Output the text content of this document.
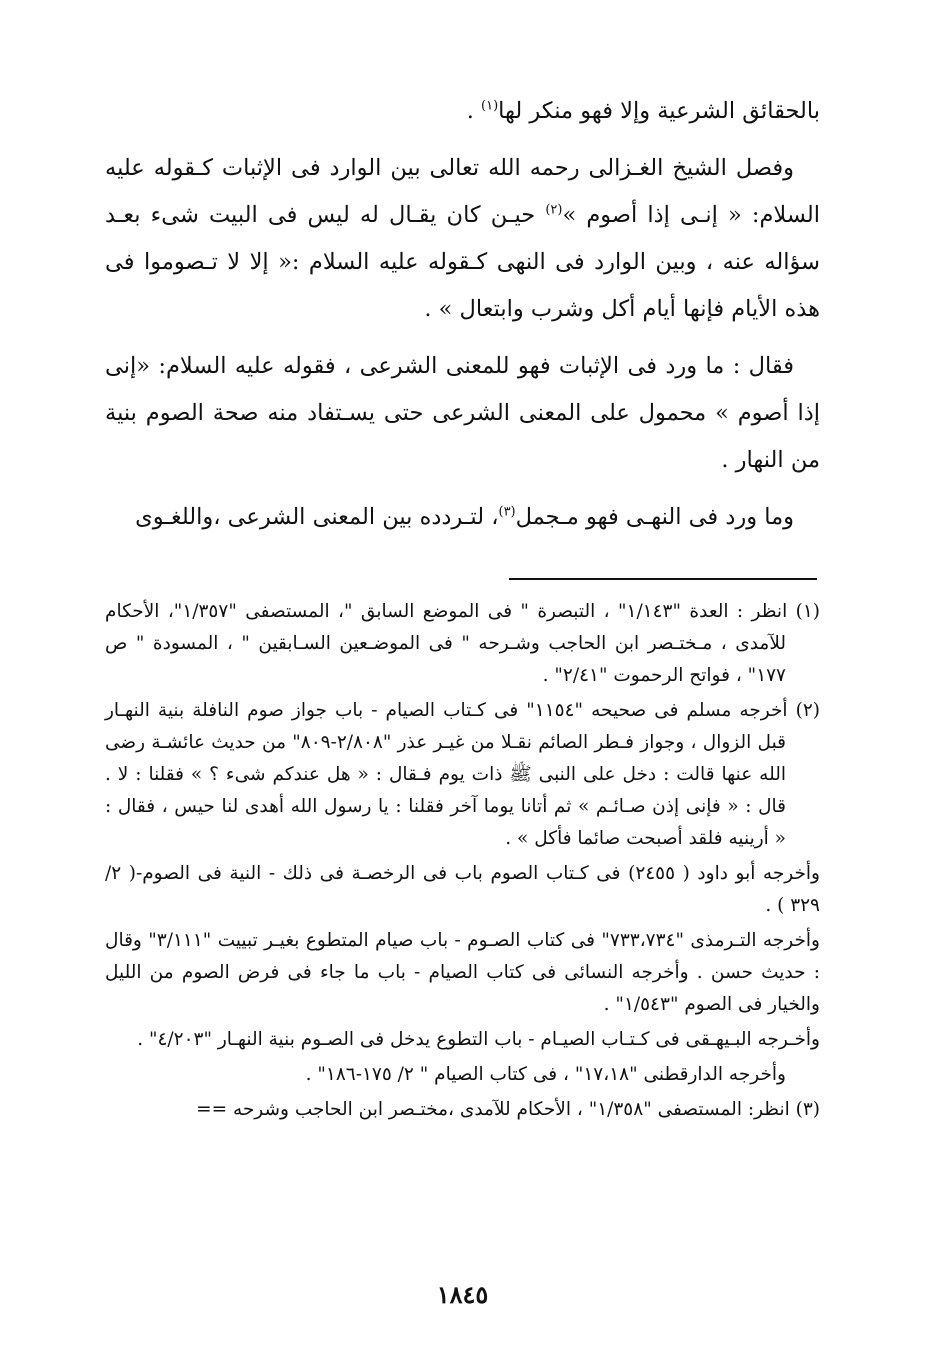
بالحقائق الشرعية وإلا فهو منكر لها$^{(١)}$ .

وفصل الشيخ الغـزالى رحمه الله تعالى بين الوارد فى الإثبات كـقوله عليه السلام: « إنـى إذا أصوم »$^{(٢)}$ حيـن كان يقـال له ليس فى البيت شىء بعـد سؤاله عنه ، وبين الوارد فى النهى كـقوله عليه السلام :« إلا لا تـصوموا فى هذه الأيام فإنها أيام أكل وشرب وابتعال » .

فقال : ما ورد فى الإثبات فهو للمعنى الشرعى ، فقوله عليه السلام: «إنى إذا أصوم » محمول على المعنى الشرعى حتى يسـتفاد منه صحة الصوم بنية من النهار .

وما ورد فى النهـى فهو مـجمل$^{(٣)}$، لتـردده بين المعنى الشرعى ،واللغـوى

(١) انظر : العدة "١/١٤٣" ، التبصرة " فى الموضع السابق "، المستصفى "١/٣٥٧"، الأحكام للآمدى ، مـختـصر ابن الحاجب وشـرحه " فى الموضـعين السـابقين " ، المسودة " ص ١٧٧" ، فواتح الرحموت "٢/٤١" .
(٢) أخرجه مسلم فى صحيحه "١١٥٤" فى كـتاب الصيام - باب جواز صوم النافلة بنية النهـار قبل الزوال ، وجواز فـطر الصائم نقـلا من غيـر عذر "٢/٨٠٨-٨٠٩" من حديث عائشـة رضى الله عنها قالت : دخل على النبى ﷺ ذات يوم فـقال : « هل عندكم شىء ؟ » فقلنا : لا . قال : « فإنى إذن صـائـم » ثم أتانا يوما آخر فقلنا : يا رسول الله أهدى لنا حيس ، فقال : « أرينيه فلقد أصبحت صائما فأكل » .
وأخرجه أبو داود ( ٢٤٥٥) فى كـتاب الصوم باب فى الرخصـة فى ذلك - النية فى الصوم-( ٢/ ٣٢٩ ) .
وأخرجه التـرمذى "٧٣٣،٧٣٤" فى كتاب الصـوم - باب صيام المتطوع بغيـر تبييت "٣/١١١" وقال : حديث حسن . وأخرجه النسائى فى كتاب الصيام - باب ما جاء فى فرض الصوم من الليل والخيار فى الصوم "١/٥٤٣" .
وأخـرجه البـيهـقى فى كـتـاب الصيـام - باب التطوع يدخل فى الصـوم بنية النهـار "٤/٢٠٣" .
وأخرجه الدارقطنى "١٧،١٨" ، فى كتاب الصيام " ٢/ ١٧٥-١٨٦" .
(٣) انظر: المستصفى "١/٣٥٨" ، الأحكام للآمدى ،مختـصر ابن الحاجب وشرحه ==
١٨٤٥
